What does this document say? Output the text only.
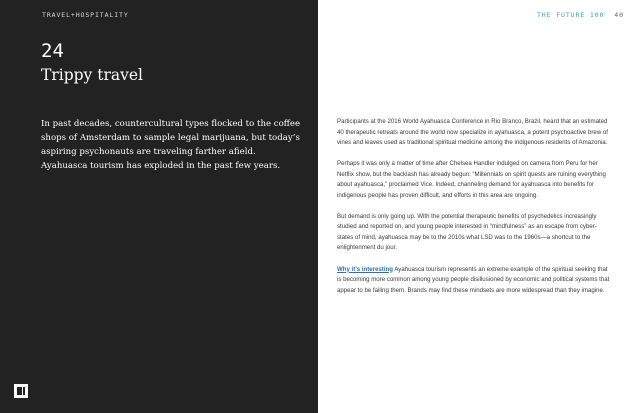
TRAVEL+HOSPITALITY
24
Trippy travel
In past decades, countercultural types flocked to the coffee shops of Amsterdam to sample legal marijuana, but today’s aspiring psychonauts are traveling farther afield. Ayahuasca tourism has exploded in the past few years.
THE FUTURE 100 40

Participants at the 2016 World Ayahuasca Conference in Rio Branco, Brazil, heard that an estimated 40 therapeutic retreats around the world now specialize in ayahuasca, a potent psychoactive brew of vines and leaves used as traditional spiritual medicine among the indigenous residents of Amazonia.

Perhaps it was only a matter of time after Chelsea Handler indulged on camera from Peru for her Netflix show, but the backlash has already begun: “Millennials on spirit quests are ruining everything about ayahuasca,” proclaimed Vice. Indeed, channeling demand for ayahuasca into benefits for indigenous people has proven difficult, and efforts in this area are ongoing.

But demand is only going up. With the potential therapeutic benefits of psychedelics increasingly studied and reported on, and young people interested in “mindfulness” as an escape from cyber-states of mind, ayahuasca may be to the 2010s what LSD was to the 1960s—a shortcut to the enlightenment du jour.

Why it’s interesting Ayahuasca tourism represents an extreme example of the spiritual seeking that is becoming more common among young people disillusioned by economic and political systems that appear to be failing them. Brands may find these mindsets are more widespread than they imagine.
